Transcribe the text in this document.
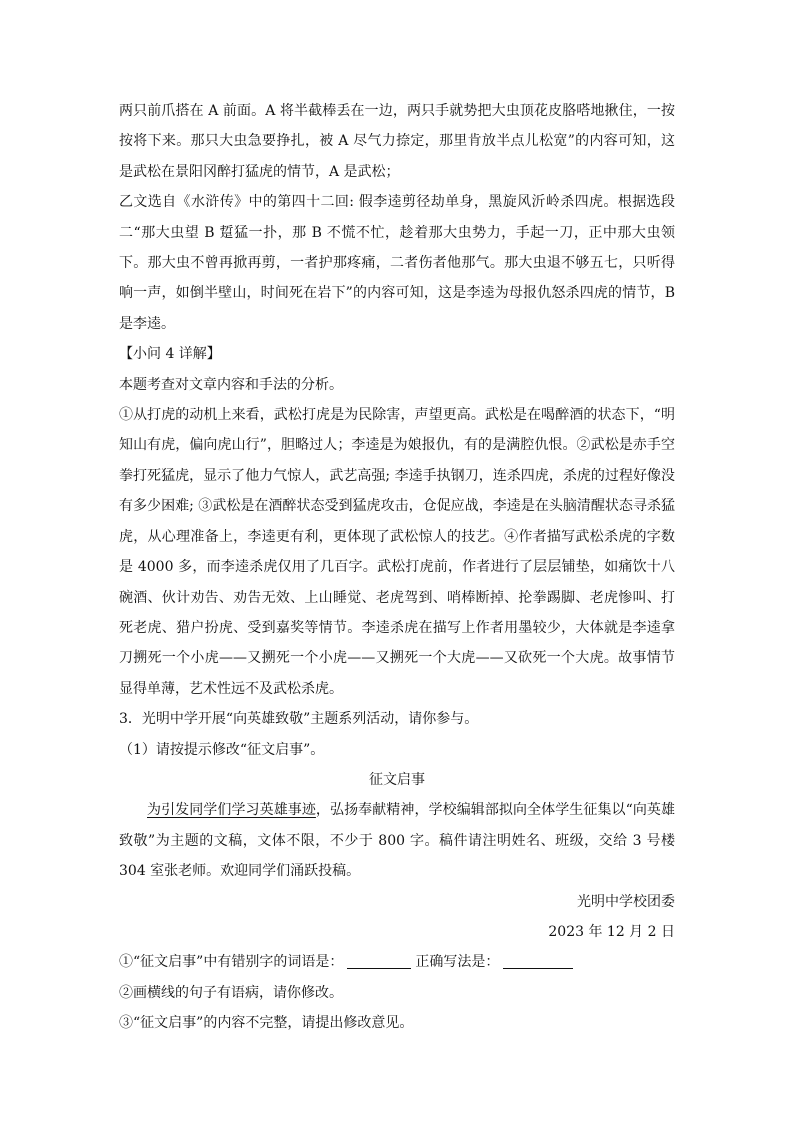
两只前爪搭在 A 前面。A 将半截棒丢在一边，两只手就势把大虫顶花皮胳嗒地揪住，一按按将下来。那只大虫急要挣扎，被 A 尽气力捺定，那里肯放半点儿松宽”的内容可知，这是武松在景阳冈醉打猛虎的情节，A 是武松；

乙文选自《水浒传》中的第四十二回: 假李逵剪径劫单身，黑旋风沂岭杀四虎。根据选段二“那大虫望 B 踅猛一扑，那 B 不慌不忙，趁着那大虫势力，手起一刀，正中那大虫领下。那大虫不曾再掀再剪，一者护那疼痛，二者伤者他那气。那大虫退不够五七，只听得响一声，如倒半壁山，时间死在岩下”的内容可知，这是李逵为母报仇怒杀四虎的情节，B 是李逵。

【小问 4 详解】

本题考查对文章内容和手法的分析。

①从打虎的动机上来看，武松打虎是为民除害，声望更高。武松是在喝醉酒的状态下，“明知山有虎，偏向虎山行”，胆略过人；李逵是为娘报仇，有的是满腔仇恨。②武松是赤手空拳打死猛虎，显示了他力气惊人，武艺高强; 李逵手执钢刀，连杀四虎，杀虎的过程好像没有多少困难; ③武松是在酒醉状态受到猛虎攻击，仓促应战，李逵是在头脑清醒状态寻杀猛虎，从心理准备上，李逵更有利，更体现了武松惊人的技艺。④作者描写武松杀虎的字数是 4000 多，而李逵杀虎仅用了几百字。武松打虎前，作者进行了层层铺垫，如痛饮十八碗酒、伙计劝告、劝告无效、上山睡觉、老虎驾到、哨棒断掉、抡拳踢脚、老虎惨叫、打死老虎、猎户扮虎、受到嘉奖等情节。李逵杀虎在描写上作者用墨较少，大体就是李逵拿刀搠死一个小虎——又搠死一个小虎——又搠死一个大虎——又砍死一个大虎。故事情节显得单薄，艺术性远不及武松杀虎。

3．光明中学开展“向英雄致敬”主题系列活动，请你参与。

（1）请按提示修改“征文启事”。

征文启事

为引发同学们学习英雄事迹，弘扬奉献精神，学校编辑部拟向全体学生征集以“向英雄致敬”为主题的文稿，文体不限，不少于 800 字。稿件请注明姓名、班级，交给 3 号楼 304 室张老师。欢迎同学们涌跃投稿。

光明中学校团委

2023 年 12 月 2 日

①“征文启事”中有错别字的词语是：	正确写法是：

②画横线的句子有语病，请你修改。

③“征文启事”的内容不完整，请提出修改意见。
